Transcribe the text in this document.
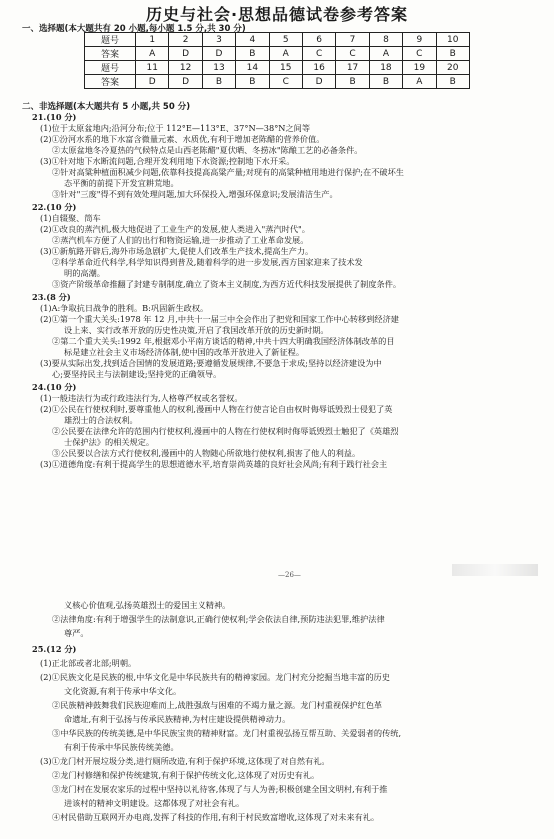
历史与社会·思想品德试卷参考答案
一、选择题(本大题共有 20 小题,每小题 1.5 分,共 30 分)
题号	1	2	3	4	5	6	7	8	9	10
答案	A	D	D	B	A	C	C	A	C	B
题号	11	12	13	14	15	16	17	18	19	20
答案	D	D	B	B	C	D	B	B	A	B
二、非选择题(本大题共有 5 小题,共 50 分)
21.(10 分)
(1)位于太原盆地内;沿河分布;位于 112°E—113°E、37°N—38°N之间等
(2)①汾河水系的地下水富含微量元素、水质优,有利于增加老陈醋的营养价值。
②太原盆地冬冷夏热的气候特点是山西老陈醋"夏伏晒、冬捞冰"陈酿工艺的必备条件。
(3)①针对地下水断流问题,合理开发利用地下水资源;控制地下水开采。
②针对高粱种植面积减少问题,依靠科技提高高粱产量;对现有的高粱种植用地进行保护;在不破坏生
态平衡的前提下开发宜耕荒地。
③针对"三废"得不到有效处理问题,加大环保投入,增强环保意识;发展清洁生产。
22.(10 分)
(1)自辍聚、筒车
(2)①改良的蒸汽机,极大地促进了工业生产的发展,使人类进入"蒸汽时代"。
②蒸汽机车方便了人们的出行和物资运输,进一步推动了工业革命发展。
(3)①新航路开辟后,海外市场急剧扩大,促使人们改革生产技术,提高生产力。
②科学革命近代科学,科学知识得到普及,随着科学的进一步发展,西方国家迎来了技术发
明的高潮。
③资产阶级革命推翻了封建专制制度,确立了资本主义制度,为西方近代科技发展提供了制度条件。
23.(8 分)
(1)A:争取抗日战争的胜利。B:巩固新生政权。
(2)①第一个重大关头:1978 年 12 月,中共十一届三中全会作出了把党和国家工作中心转移到经济建
设上来、实行改革开放的历史性决策,开启了我国改革开放的历史新时期。
②第二个重大关头:1992 年,根据邓小平南方谈话的精神,中共十四大明确我国经济体制改革的目
标是建立社会主义市场经济体制,使中国的改革开放进入了新征程。
(3)要从实际出发,找到适合国情的发展道路;要遵循发展规律,不要急于求成;坚持以经济建设为中
心;要坚持民主与法制建设;坚持党的正确领导。
24.(10 分)
(1)一般违法行为或行政违法行为,人格尊严权或名誉权。
(2)①公民在行使权利时,要尊重他人的权利,漫画中人物在行使言论自由权时侮辱诋毁烈士侵犯了英
雄烈士的合法权利。
②公民要在法律允许的范围内行使权利,漫画中的人物在行使权利时侮辱诋毁烈士触犯了《英雄烈
士保护法》的相关规定。
③公民要以合法方式行使权利,漫画中的人物随心所欲地行使权利,损害了他人的利益。
(3)①道德角度:有利于提高学生的思想道德水平,培育崇尚英雄的良好社会风尚;有利于践行社会主
—26—
义核心价值观,弘扬英雄烈士的爱国主义精神。
②法律角度:有利于增强学生的法制意识,正确行使权利;学会依法自律,预防违法犯罪,维护法律
尊严。
25.(12 分)
(1)正北部或者北部;明朝。
(2)①民族文化是民族的根,中华文化是中华民族共有的精神家园。龙门村充分挖掘当地丰富的历史
文化资源,有利于传承中华文化。
②民族精神鼓舞我们民族迎难而上,战胜强敌与困难的不竭力量之源。龙门村重视保护红色革
命遗址,有利于弘扬与传承民族精神,为村庄建设提供精神动力。
③中华民族的传统美德,是中华民族宝贵的精神财富。龙门村重视弘扬互帮互助、关爱弱者的传统,
有利于传承中华民族传统美德。
(3)①龙门村开展垃圾分类,进行厕所改造,有利于保护环境,这体现了对自然有礼。
②龙门村修缮和保护传统建筑,有利于保护传统文化,这体现了对历史有礼。
③龙门村在发展农家乐的过程中坚持以礼待客,体现了与人为善;积极创建全国文明村,有利于推
进该村的精神文明建设。这都体现了对社会有礼。
④村民借助互联网开办电商,发挥了科技的作用,有利于村民致富增收,这体现了对未来有礼。
